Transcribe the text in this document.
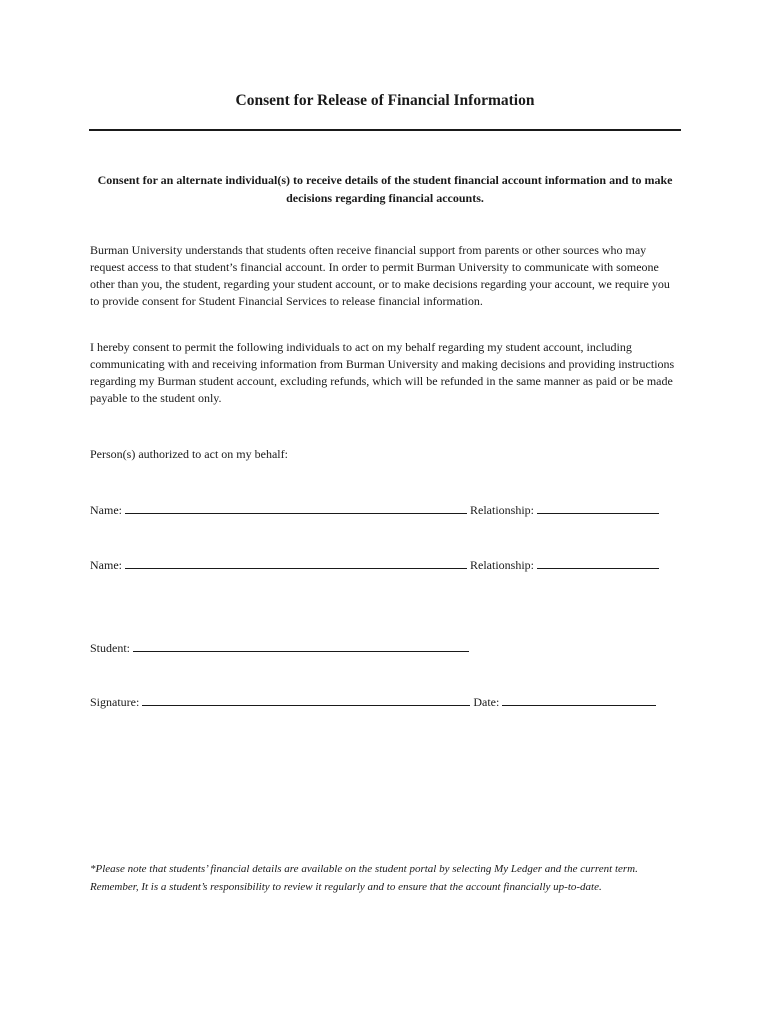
Consent for Release of Financial Information
Consent for an alternate individual(s) to receive details of the student financial account information and to make decisions regarding financial accounts.

Burman University understands that students often receive financial support from parents or other sources who may request access to that student’s financial account. In order to permit Burman University to communicate with someone other than you, the student, regarding your student account, or to make decisions regarding your account, we require you to provide consent for Student Financial Services to release financial information.

I hereby consent to permit the following individuals to act on my behalf regarding my student account, including communicating with and receiving information from Burman University and making decisions and providing instructions regarding my Burman student account, excluding refunds, which will be refunded in the same manner as paid or be made payable to the student only.

Person(s) authorized to act on my behalf:
Name:	Relationship:
Name:	Relationship:
Student:
Signature:	Date:

*Please note that students’ financial details are available on the student portal by selecting My Ledger and the current term.
Remember, It is a student’s responsibility to review it regularly and to ensure that the account financially up-to-date.
